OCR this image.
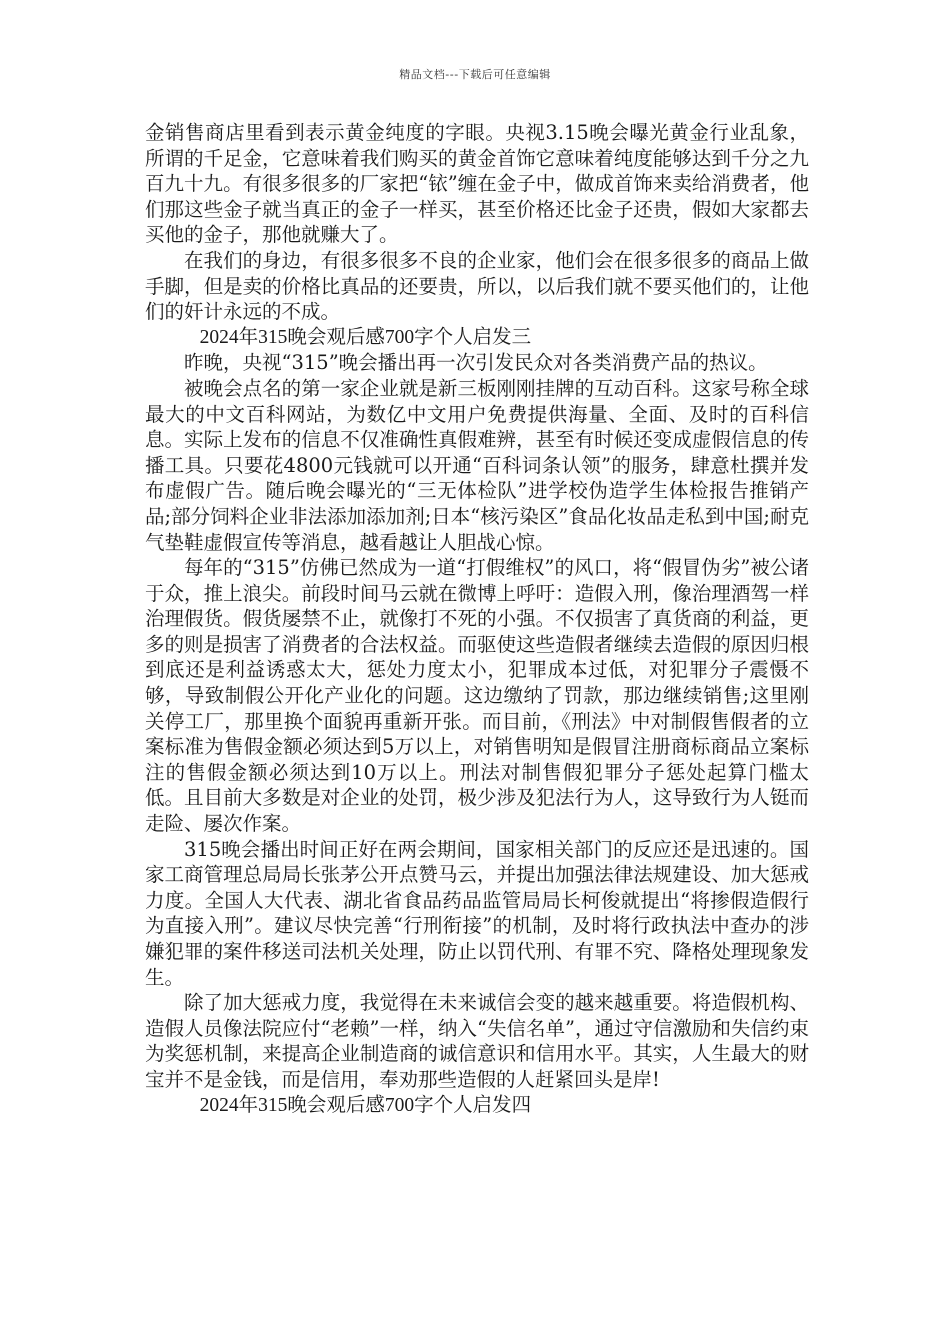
精品文档---下载后可任意编辑

金销售商店里看到表示黄金纯度的字眼。央视3.15晚会曝光黄金行业乱象，所谓的千足金，它意味着我们购买的黄金首饰它意味着纯度能够达到千分之九百九十九。有很多很多的厂家把“铱”缠在金子中，做成首饰来卖给消费者，他们那这些金子就当真正的金子一样买，甚至价格还比金子还贵，假如大家都去买他的金子，那他就赚大了。

在我们的身边，有很多很多不良的企业家，他们会在很多很多的商品上做手脚，但是卖的价格比真品的还要贵，所以，以后我们就不要买他们的，让他们的奸计永远的不成。

2024年315晚会观后感700字个人启发三

昨晚，央视“315”晚会播出再一次引发民众对各类消费产品的热议。

被晚会点名的第一家企业就是新三板刚刚挂牌的互动百科。这家号称全球最大的中文百科网站，为数亿中文用户免费提供海量、全面、及时的百科信息。实际上发布的信息不仅准确性真假难辨，甚至有时候还变成虚假信息的传播工具。只要花4800元钱就可以开通“百科词条认领”的服务，肆意杜撰并发布虚假广告。随后晚会曝光的“三无体检队”进学校伪造学生体检报告推销产品;部分饲料企业非法添加添加剂;日本“核污染区”食品化妆品走私到中国;耐克气垫鞋虚假宣传等消息，越看越让人胆战心惊。

每年的“315”仿佛已然成为一道“打假维权”的风口，将“假冒伪劣”被公诸于众，推上浪尖。前段时间马云就在微博上呼吁：造假入刑，像治理酒驾一样治理假货。假货屡禁不止，就像打不死的小强。不仅损害了真货商的利益，更多的则是损害了消费者的合法权益。而驱使这些造假者继续去造假的原因归根到底还是利益诱惑太大，惩处力度太小，犯罪成本过低，对犯罪分子震慑不够，导致制假公开化产业化的问题。这边缴纳了罚款，那边继续销售;这里刚关停工厂，那里换个面貌再重新开张。而目前，《刑法》中对制假售假者的立案标准为售假金额必须达到5万以上，对销售明知是假冒注册商标商品立案标注的售假金额必须达到10万以上。刑法对制售假犯罪分子惩处起算门槛太低。且目前大多数是对企业的处罚，极少涉及犯法行为人，这导致行为人铤而走险、屡次作案。

315晚会播出时间正好在两会期间，国家相关部门的反应还是迅速的。国家工商管理总局局长张茅公开点赞马云，并提出加强法律法规建设、加大惩戒力度。全国人大代表、湖北省食品药品监管局局长柯俊就提出“将掺假造假行为直接入刑”。建议尽快完善“行刑衔接”的机制，及时将行政执法中查办的涉嫌犯罪的案件移送司法机关处理，防止以罚代刑、有罪不究、降格处理现象发生。

除了加大惩戒力度，我觉得在未来诚信会变的越来越重要。将造假机构、造假人员像法院应付“老赖”一样，纳入“失信名单”，通过守信激励和失信约束为奖惩机制，来提高企业制造商的诚信意识和信用水平。其实，人生最大的财宝并不是金钱，而是信用，奉劝那些造假的人赶紧回头是岸!

2024年315晚会观后感700字个人启发四
